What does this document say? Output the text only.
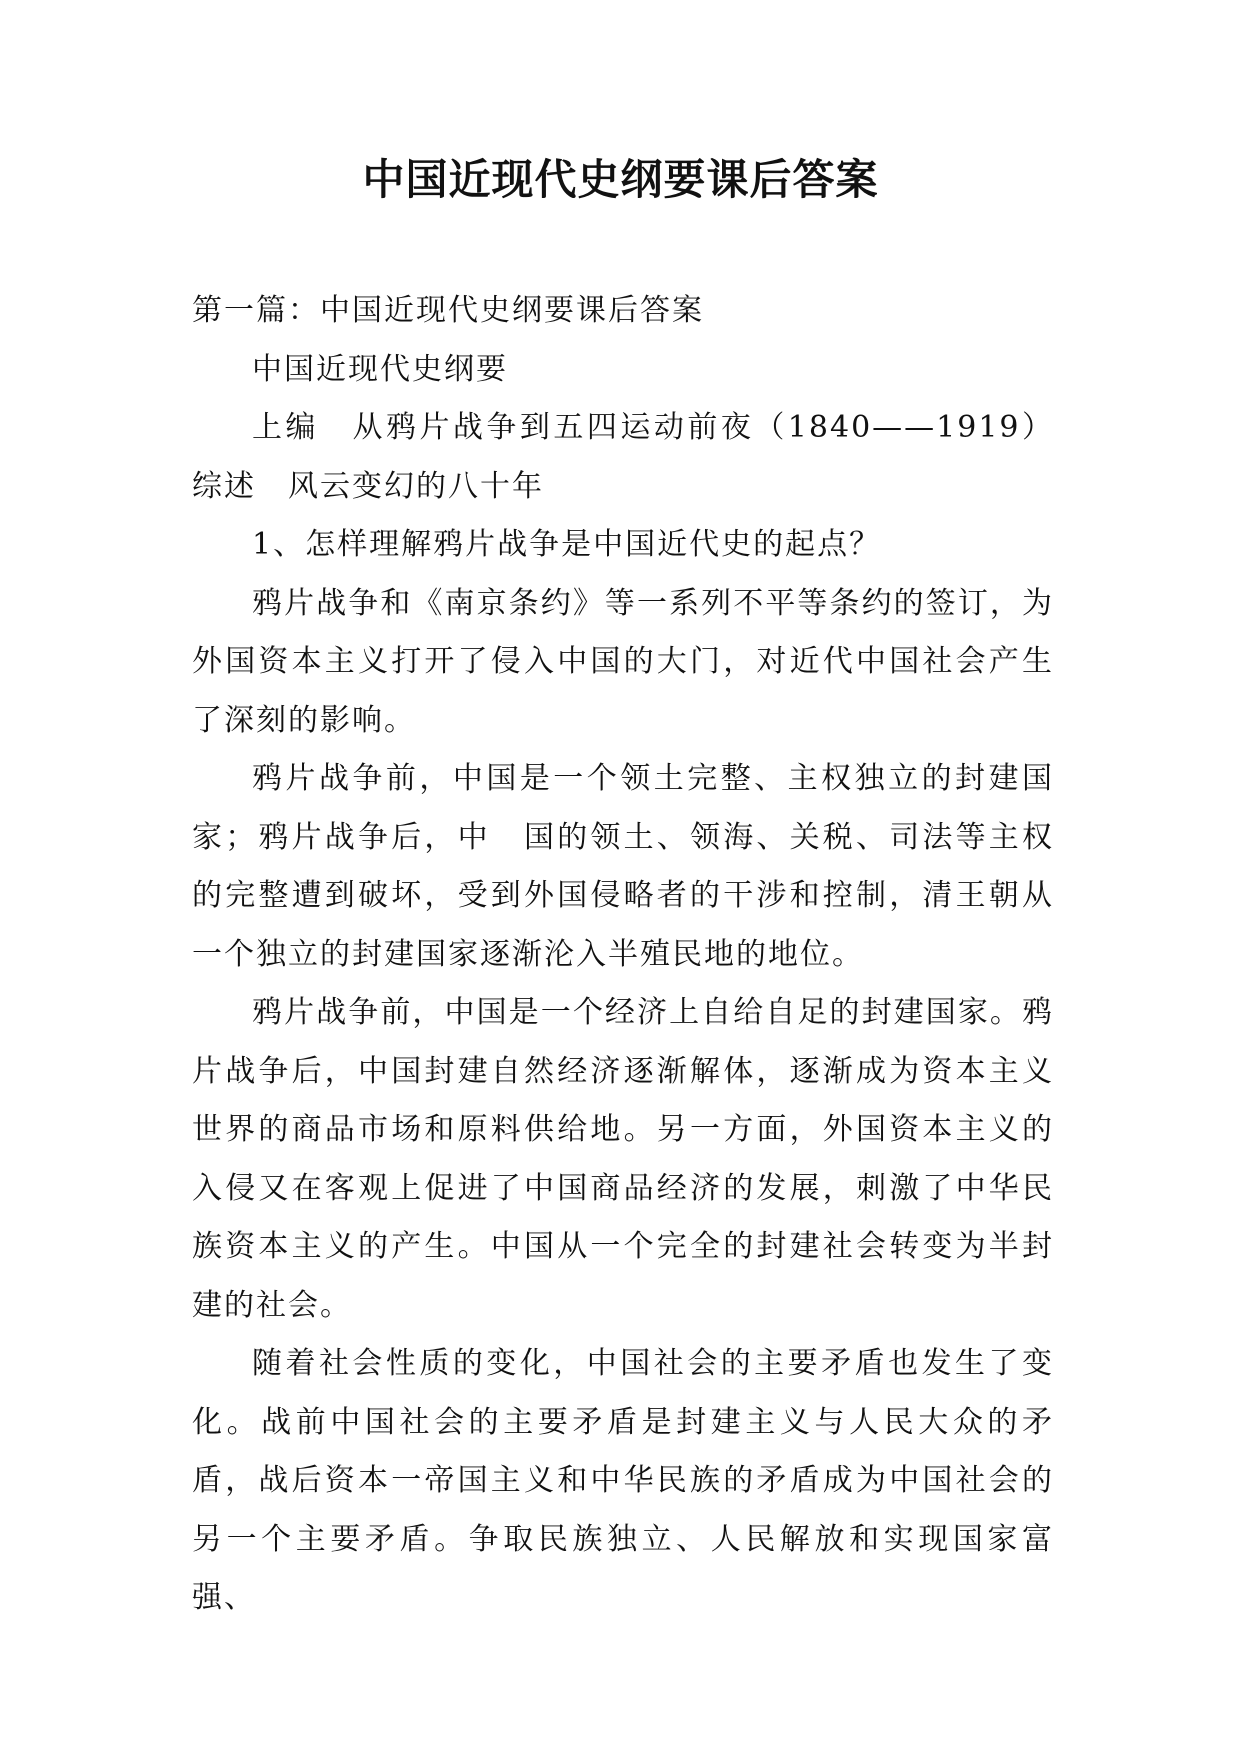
中国近现代史纲要课后答案

第一篇：中国近现代史纲要课后答案

中国近现代史纲要

上编　从鸦片战争到五四运动前夜（1840——1919）综述　风云变幻的八十年

1、怎样理解鸦片战争是中国近代史的起点？

鸦片战争和《南京条约》等一系列不平等条约的签订，为外国资本主义打开了侵入中国的大门，对近代中国社会产生了深刻的影响。

鸦片战争前，中国是一个领土完整、主权独立的封建国家；鸦片战争后，中　国的领土、领海、关税、司法等主权的完整遭到破坏，受到外国侵略者的干涉和控制，清王朝从一个独立的封建国家逐渐沦入半殖民地的地位。

鸦片战争前，中国是一个经济上自给自足的封建国家。鸦片战争后，中国封建自然经济逐渐解体，逐渐成为资本主义世界的商品市场和原料供给地。另一方面，外国资本主义的入侵又在客观上促进了中国商品经济的发展，刺激了中华民族资本主义的产生。中国从一个完全的封建社会转变为半封建的社会。

随着社会性质的变化，中国社会的主要矛盾也发生了变化。战前中国社会的主要矛盾是封建主义与人民大众的矛盾，战后资本一帝国主义和中华民族的矛盾成为中国社会的另一个主要矛盾。争取民族独立、人民解放和实现国家富强、
